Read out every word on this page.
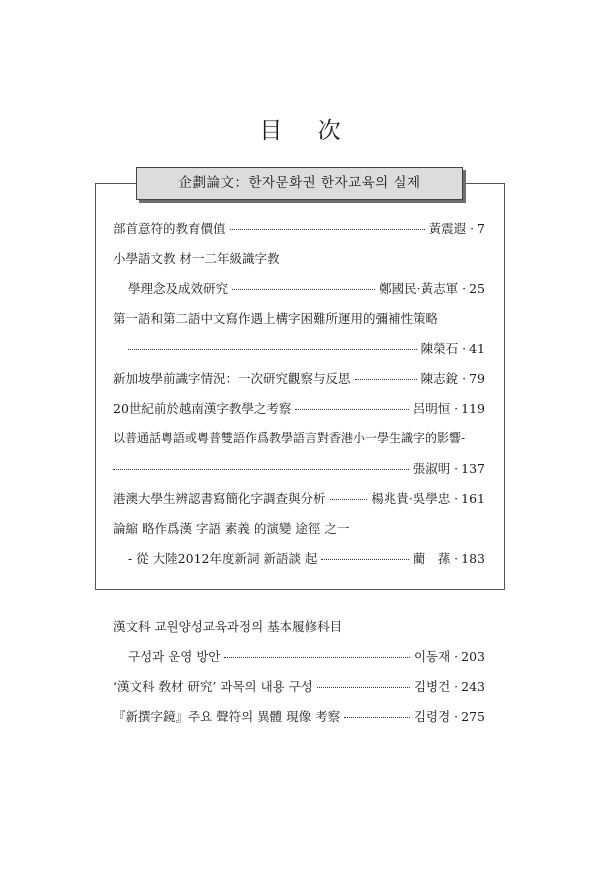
目 次
企劃論文：한자문화권 한자교육의 실제
部首意符的教育價值	黃震遐 · 7
小學語文教 材一二年級識字教
學理念及成效研究	鄭國民·黃志軍 · 25
第一語和第二語中文寫作遇上構字困難所運用的彌補性策略
陳榮石 · 41
新加坡學前識字情況：一次研究觀察与反思	陳志銳 · 79
20世紀前於越南漢字教學之考察	呂明恒 · 119
以普通話粵語或粵普雙語作爲教學語言對香港小一學生識字的影響-
張淑明 · 137
港澳大學生辨認書寫簡化字調查與分析	楊兆貴·吳學忠 · 161
論縮 略作爲漢 字語 素義 的演變 途徑 之一
- 從 大陸2012年度新詞 新語談 起	藺　蓀 · 183
漢文科 교원양성교육과정의 基本履修科目
구성과 운영 방안	이동재 · 203
‘漢文科 敎材 研究’ 과목의 내용 구성	김병건 · 243
『新撰字鏡』주요 聲符의 異體 現像 考察	김령경 · 275
